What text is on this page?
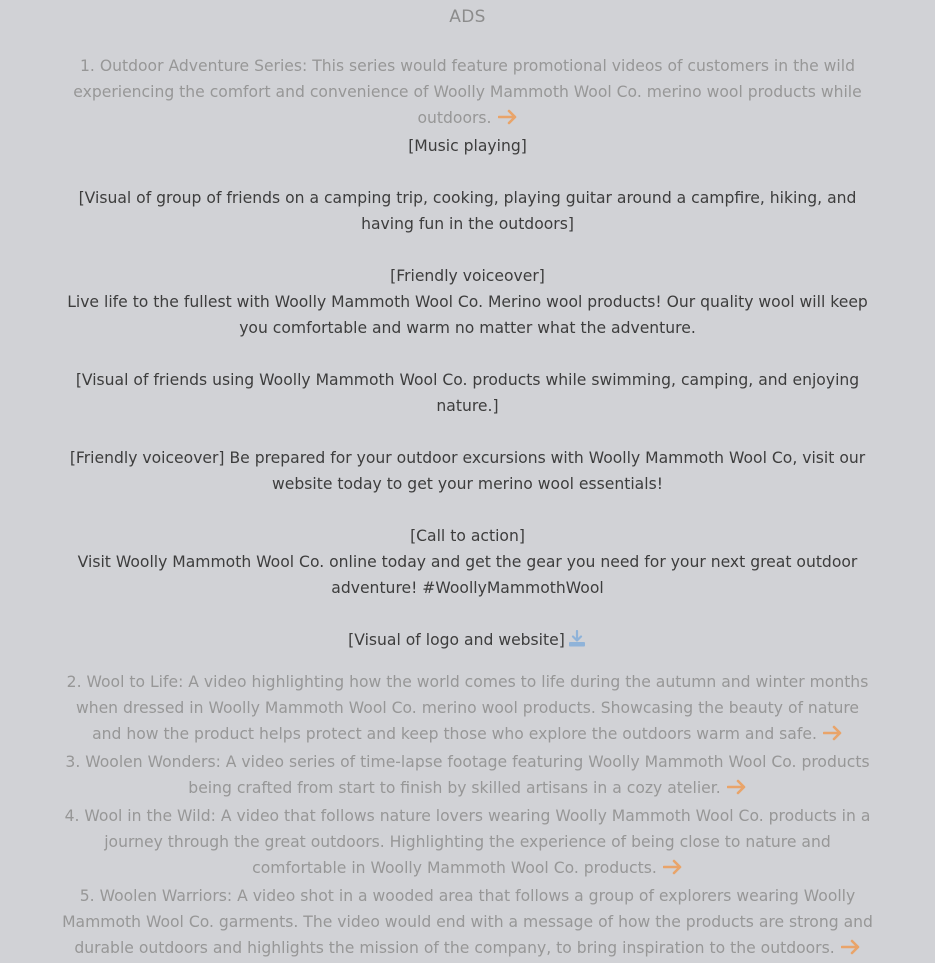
ADS
1. Outdoor Adventure Series: This series would feature promotional videos of customers in the wild experiencing the comfort and convenience of Woolly Mammoth Wool Co. merino wool products while outdoors.

[Music playing]

[Visual of group of friends on a camping trip, cooking, playing guitar around a campfire, hiking, and having fun in the outdoors]

[Friendly voiceover]

Live life to the fullest with Woolly Mammoth Wool Co. Merino wool products! Our quality wool will keep you comfortable and warm no matter what the adventure.

[Visual of friends using Woolly Mammoth Wool Co. products while swimming, camping, and enjoying nature.]

[Friendly voiceover] Be prepared for your outdoor excursions with Woolly Mammoth Wool Co, visit our website today to get your merino wool essentials!

[Call to action]

Visit Woolly Mammoth Wool Co. online today and get the gear you need for your next great outdoor adventure! #WoollyMammothWool

[Visual of logo and website]

2. Wool to Life: A video highlighting how the world comes to life during the autumn and winter months when dressed in Woolly Mammoth Wool Co. merino wool products. Showcasing the beauty of nature and how the product helps protect and keep those who explore the outdoors warm and safe.
3. Woolen Wonders: A video series of time-lapse footage featuring Woolly Mammoth Wool Co. products being crafted from start to finish by skilled artisans in a cozy atelier.
4. Wool in the Wild: A video that follows nature lovers wearing Woolly Mammoth Wool Co. products in a journey through the great outdoors. Highlighting the experience of being close to nature and comfortable in Woolly Mammoth Wool Co. products.
5. Woolen Warriors: A video shot in a wooded area that follows a group of explorers wearing Woolly Mammoth Wool Co. garments. The video would end with a message of how the products are strong and durable outdoors and highlights the mission of the company, to bring inspiration to the outdoors.
